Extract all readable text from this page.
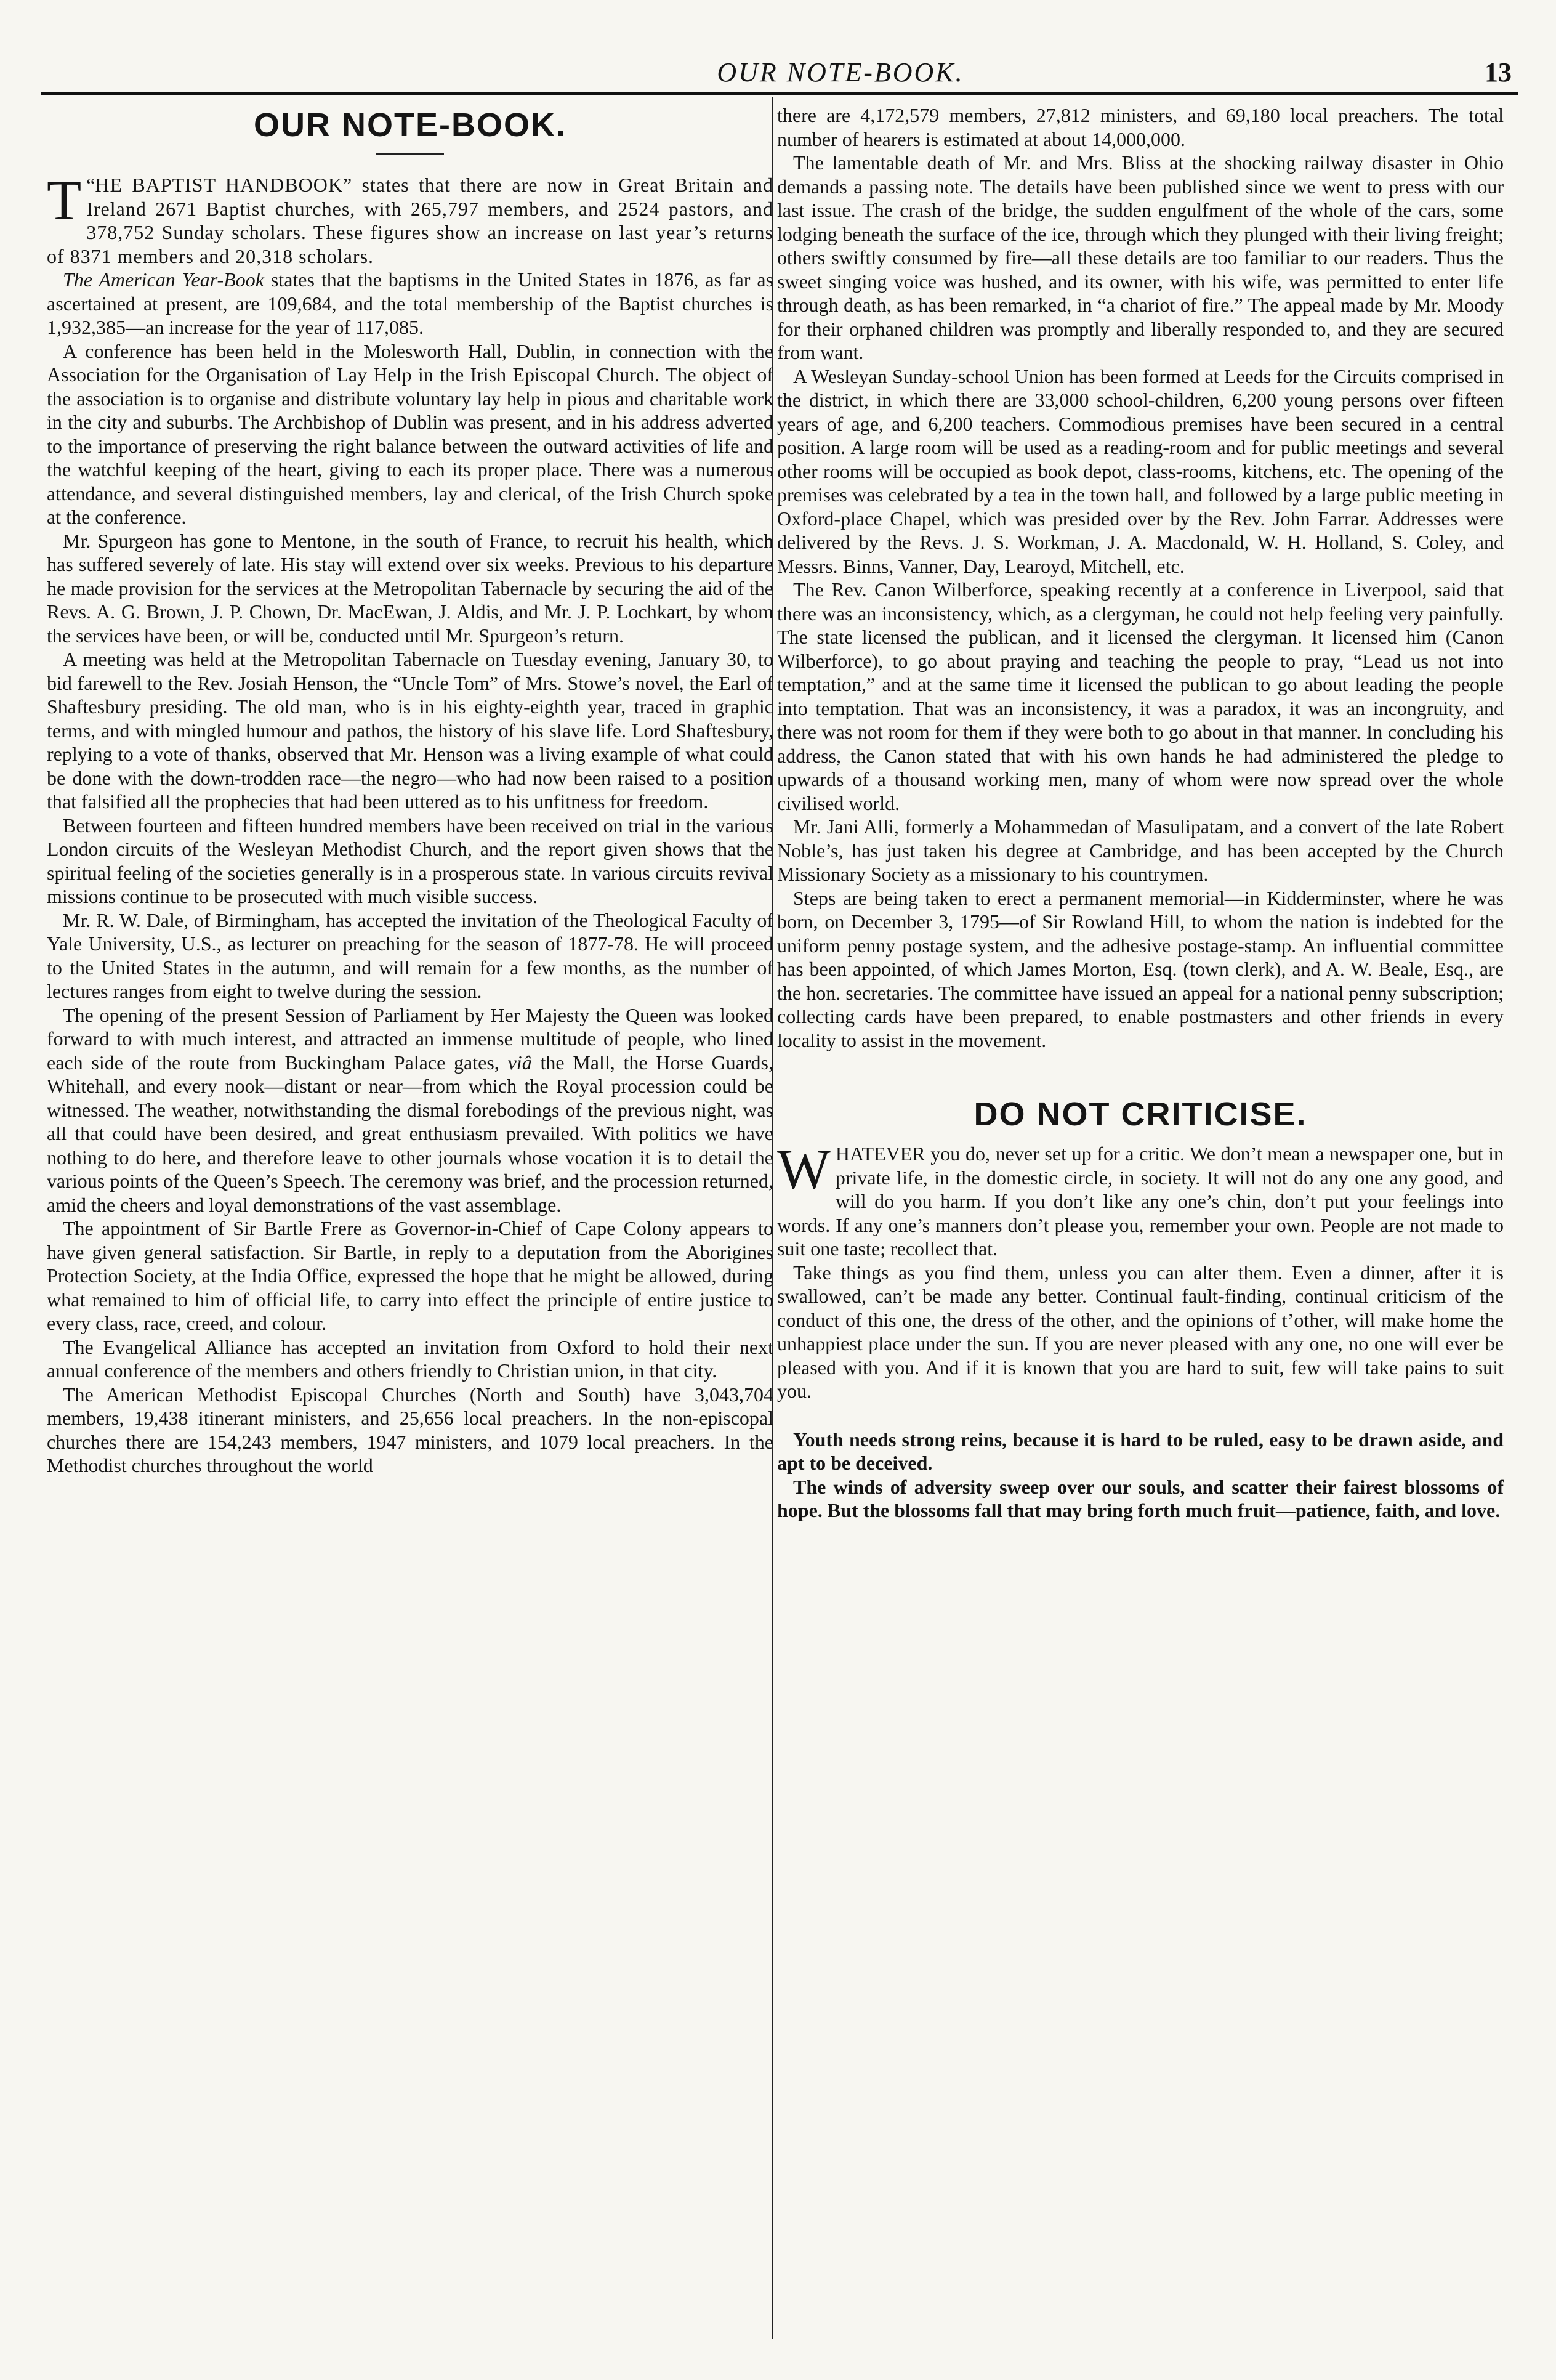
OUR NOTE-BOOK.	13
OUR NOTE-BOOK.

“
T HE BAPTIST HANDBOOK” states that there are now in Great Britain and Ireland 2671 Baptist churches, with 265,797 members, and 2524 pastors, and 378,752 Sunday scholars. These figures show an increase on last year’s returns of 8371 members and 20,318 scholars.

The American Year-Book states that the baptisms in the United States in 1876, as far as ascertained at present, are 109,684, and the total membership of the Baptist churches is 1,932,385—an increase for the year of 117,085.

A conference has been held in the Molesworth Hall, Dublin, in connection with the Association for the Organisation of Lay Help in the Irish Episcopal Church. The object of the association is to organise and distribute voluntary lay help in pious and charitable work in the city and suburbs. The Archbishop of Dublin was present, and in his address adverted to the importance of preserving the right balance between the outward activities of life and the watchful keeping of the heart, giving to each its proper place. There was a numerous attendance, and several distinguished members, lay and clerical, of the Irish Church spoke at the conference.

Mr. Spurgeon has gone to Mentone, in the south of France, to recruit his health, which has suffered severely of late. His stay will extend over six weeks. Previous to his departure he made provision for the services at the Metropolitan Tabernacle by securing the aid of the Revs. A. G. Brown, J. P. Chown, Dr. MacEwan, J. Aldis, and Mr. J. P. Lochkart, by whom the services have been, or will be, conducted until Mr. Spurgeon’s return.

A meeting was held at the Metropolitan Tabernacle on Tuesday evening, January 30, to bid farewell to the Rev. Josiah Henson, the “Uncle Tom” of Mrs. Stowe’s novel, the Earl of Shaftesbury presiding. The old man, who is in his eighty-eighth year, traced in graphic terms, and with mingled humour and pathos, the history of his slave life. Lord Shaftesbury, replying to a vote of thanks, observed that Mr. Henson was a living example of what could be done with the down-trodden race—the negro—who had now been raised to a position that falsified all the prophecies that had been uttered as to his unfitness for freedom.

Between fourteen and fifteen hundred members have been received on trial in the various London circuits of the Wesleyan Methodist Church, and the report given shows that the spiritual feeling of the societies generally is in a prosperous state. In various circuits revival missions continue to be prosecuted with much visible success.

Mr. R. W. Dale, of Birmingham, has accepted the invitation of the Theological Faculty of Yale University, U.S., as lecturer on preaching for the season of 1877-78. He will proceed to the United States in the autumn, and will remain for a few months, as the number of lectures ranges from eight to twelve during the session.

The opening of the present Session of Parliament by Her Majesty the Queen was looked forward to with much interest, and attracted an immense multitude of people, who lined each side of the route from Buckingham Palace gates, viâ the Mall, the Horse Guards, Whitehall, and every nook—distant or near—from which the Royal procession could be witnessed. The weather, notwithstanding the dismal forebodings of the previous night, was all that could have been desired, and great enthusiasm prevailed. With politics we have nothing to do here, and therefore leave to other journals whose vocation it is to detail the various points of the Queen’s Speech. The ceremony was brief, and the procession returned, amid the cheers and loyal demonstrations of the vast assemblage.

The appointment of Sir Bartle Frere as Governor-in-Chief of Cape Colony appears to have given general satisfaction. Sir Bartle, in reply to a deputation from the Aborigines Protection Society, at the India Office, expressed the hope that he might be allowed, during what remained to him of official life, to carry into effect the principle of entire justice to every class, race, creed, and colour.

The Evangelical Alliance has accepted an invitation from Oxford to hold their next annual conference of the members and others friendly to Christian union, in that city.

The American Methodist Episcopal Churches (North and South) have 3,043,704 members, 19,438 itinerant ministers, and 25,656 local preachers. In the non-episcopal churches there are 154,243 members, 1947 ministers, and 1079 local preachers. In the Methodist churches throughout the world

there are 4,172,579 members, 27,812 ministers, and 69,180 local preachers. The total number of hearers is estimated at about 14,000,000.

The lamentable death of Mr. and Mrs. Bliss at the shocking railway disaster in Ohio demands a passing note. The details have been published since we went to press with our last issue. The crash of the bridge, the sudden engulfment of the whole of the cars, some lodging beneath the surface of the ice, through which they plunged with their living freight; others swiftly consumed by fire—all these details are too familiar to our readers. Thus the sweet singing voice was hushed, and its owner, with his wife, was permitted to enter life through death, as has been remarked, in “a chariot of fire.” The appeal made by Mr. Moody for their orphaned children was promptly and liberally responded to, and they are secured from want.

A Wesleyan Sunday-school Union has been formed at Leeds for the Circuits comprised in the district, in which there are 33,000 school-children, 6,200 young persons over fifteen years of age, and 6,200 teachers. Commodious premises have been secured in a central position. A large room will be used as a reading-room and for public meetings and several other rooms will be occupied as book depot, class-rooms, kitchens, etc. The opening of the premises was celebrated by a tea in the town hall, and followed by a large public meeting in Oxford-place Chapel, which was presided over by the Rev. John Farrar. Addresses were delivered by the Revs. J. S. Workman, J. A. Macdonald, W. H. Holland, S. Coley, and Messrs. Binns, Vanner, Day, Learoyd, Mitchell, etc.

The Rev. Canon Wilberforce, speaking recently at a conference in Liverpool, said that there was an inconsistency, which, as a clergyman, he could not help feeling very painfully. The state licensed the publican, and it licensed the clergyman. It licensed him (Canon Wilberforce), to go about praying and teaching the people to pray, “Lead us not into temptation,” and at the same time it licensed the publican to go about leading the people into temptation. That was an inconsistency, it was a paradox, it was an incongruity, and there was not room for them if they were both to go about in that manner. In concluding his address, the Canon stated that with his own hands he had administered the pledge to upwards of a thousand working men, many of whom were now spread over the whole civilised world.

Mr. Jani Alli, formerly a Mohammedan of Masulipatam, and a convert of the late Robert Noble’s, has just taken his degree at Cambridge, and has been accepted by the Church Missionary Society as a missionary to his countrymen.

Steps are being taken to erect a permanent memorial—in Kidderminster, where he was born, on December 3, 1795—of Sir Rowland Hill, to whom the nation is indebted for the uniform penny postage system, and the adhesive postage-stamp. An influential committee has been appointed, of which James Morton, Esq. (town clerk), and A. W. Beale, Esq., are the hon. secretaries. The committee have issued an appeal for a national penny subscription; collecting cards have been prepared, to enable postmasters and other friends in every locality to assist in the movement.

DO NOT CRITICISE.

WHATEVER you do, never set up for a critic. We don’t mean a newspaper one, but in private life, in the domestic circle, in society. It will not do any one any good, and will do you harm. If you don’t like any one’s chin, don’t put your feelings into words. If any one’s manners don’t please you, remember your own. People are not made to suit one taste; recollect that.

Take things as you find them, unless you can alter them. Even a dinner, after it is swallowed, can’t be made any better. Continual fault-finding, continual criticism of the conduct of this one, the dress of the other, and the opinions of t’other, will make home the unhappiest place under the sun. If you are never pleased with any one, no one will ever be pleased with you. And if it is known that you are hard to suit, few will take pains to suit you.

Youth needs strong reins, because it is hard to be ruled, easy to be drawn aside, and apt to be deceived.

The winds of adversity sweep over our souls, and scatter their fairest blossoms of hope. But the blossoms fall that may bring forth much fruit—patience, faith, and love.
